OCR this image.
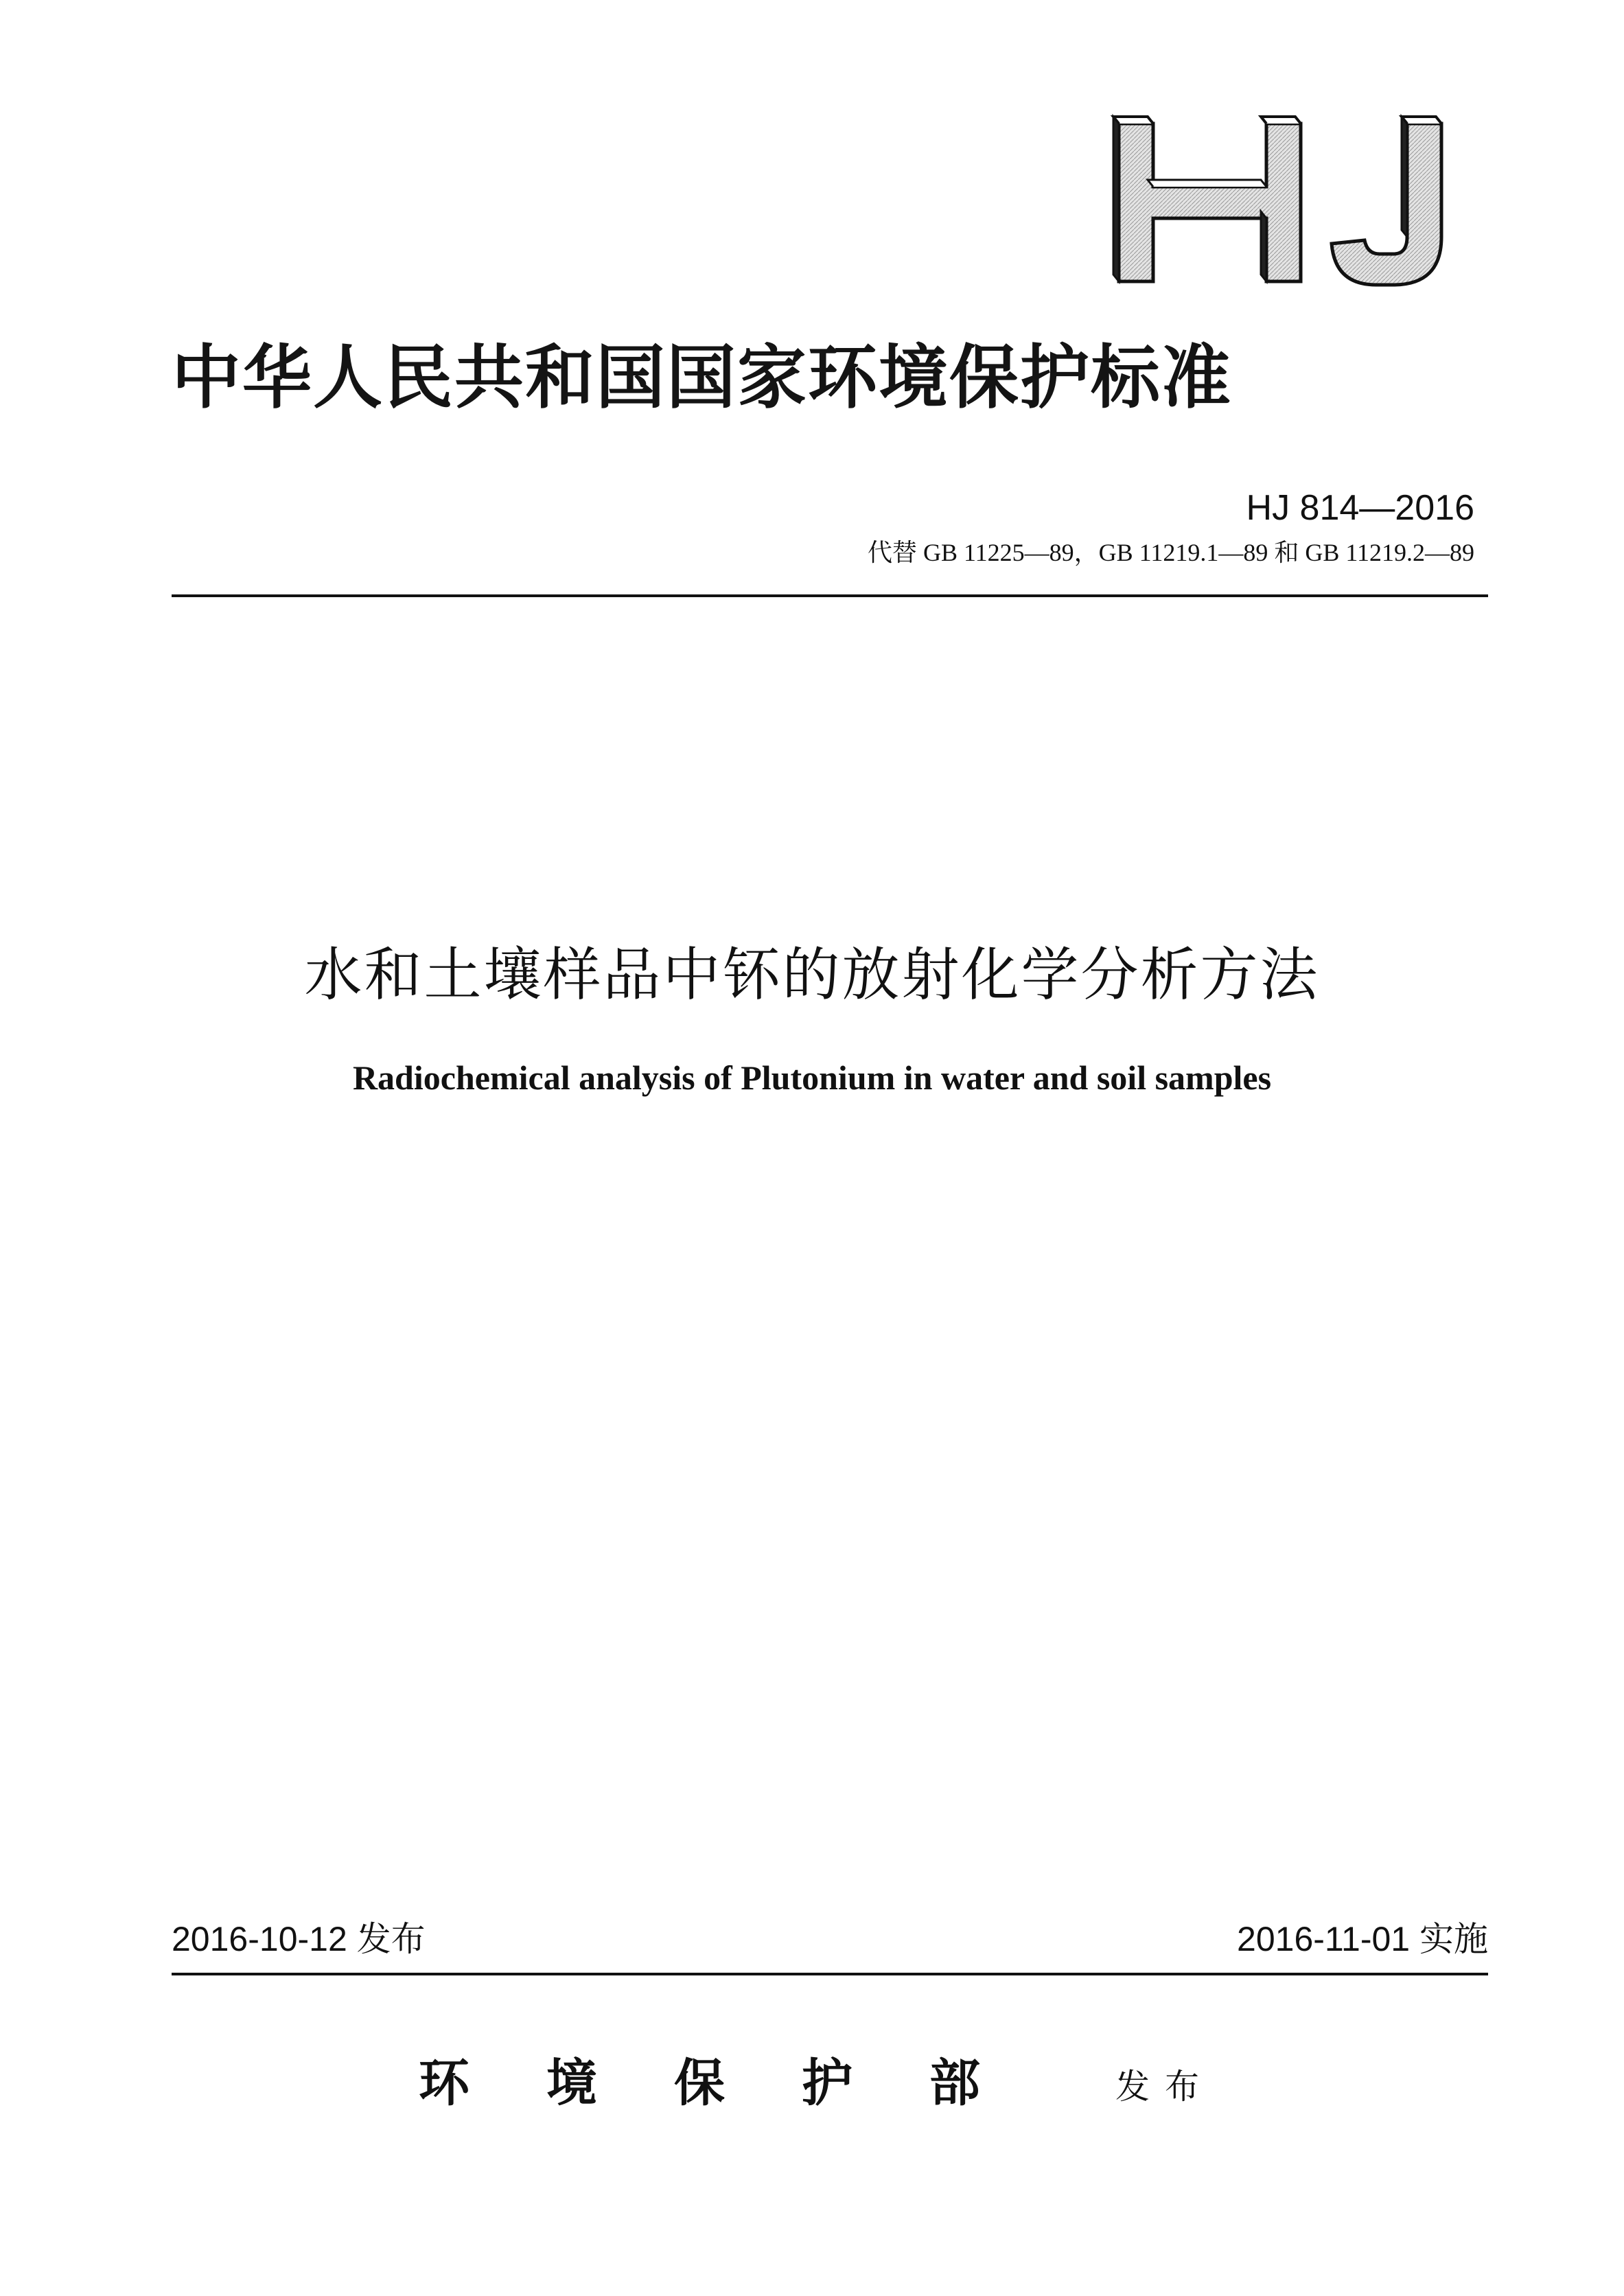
中华人民共和国国家环境保护标准
HJ 814—2016
代替 GB 11225—89，GB 11219.1—89 和 GB 11219.2—89
水和土壤样品中钚的放射化学分析方法
Radiochemical analysis of Plutonium in water and soil samples
2016-10-12 发布	2016-11-01 实施
环境保护部 发布
